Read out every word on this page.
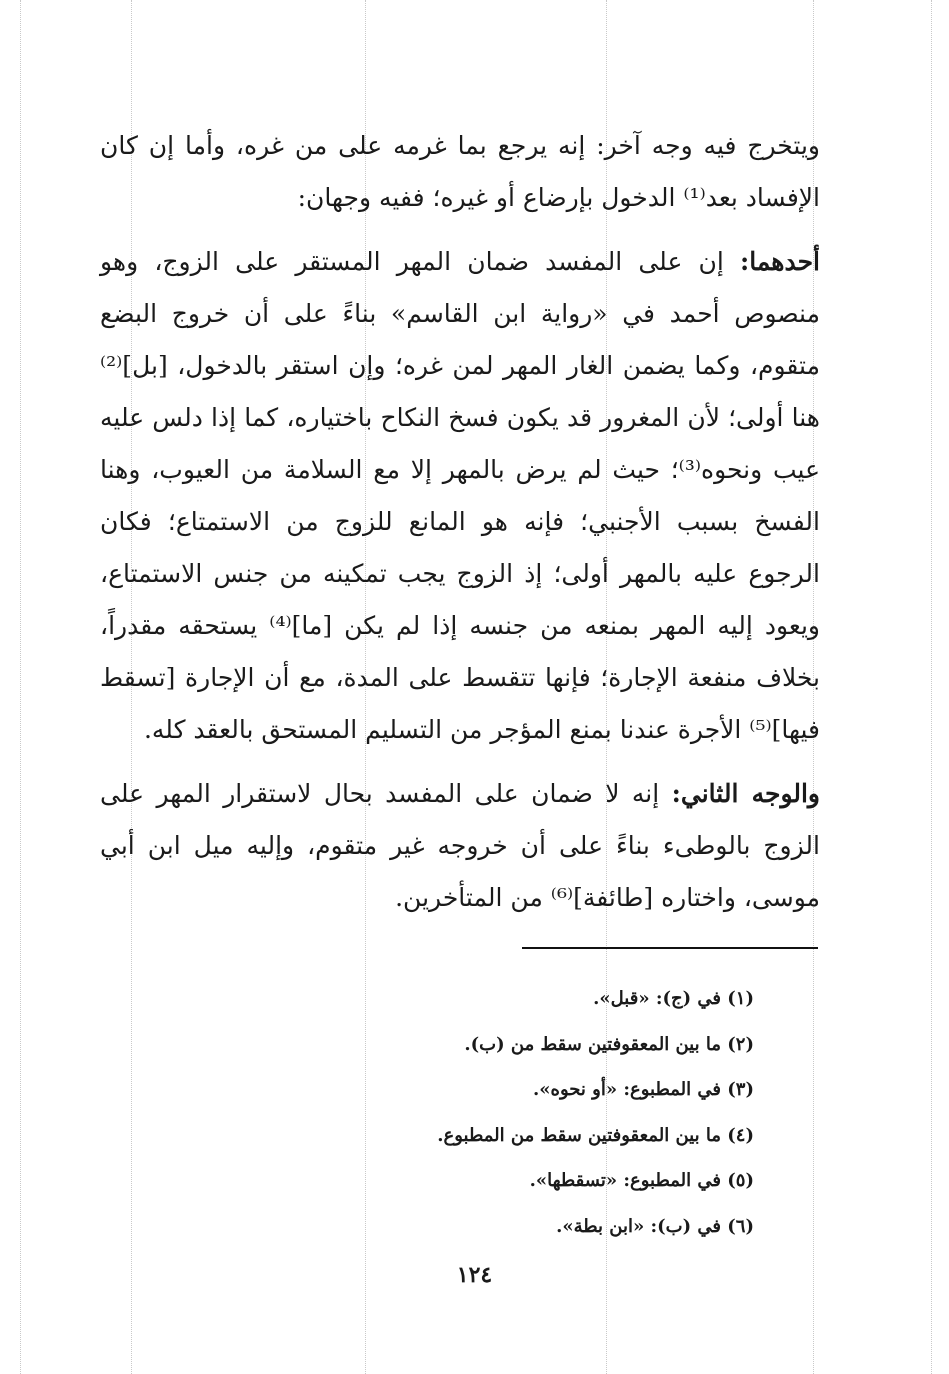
ويتخرج فيه وجه آخر: إنه يرجع بما غرمه على من غره، وأما إن كان الإفساد بعد⁽¹⁾ الدخول بإرضاع أو غيره؛ ففيه وجهان:

أحدهما: إن على المفسد ضمان المهر المستقر على الزوج، وهو منصوص أحمد في «رواية ابن القاسم» بناءً على أن خروج البضع متقوم، وكما يضمن الغار المهر لمن غره؛ وإن استقر بالدخول، [بل]⁽²⁾ هنا أولى؛ لأن المغرور قد يكون فسخ النكاح باختياره، كما إذا دلس عليه عيب ونحوه⁽³⁾؛ حيث لم يرض بالمهر إلا مع السلامة من العيوب، وهنا الفسخ بسبب الأجنبي؛ فإنه هو المانع للزوج من الاستمتاع؛ فكان الرجوع عليه بالمهر أولى؛ إذ الزوج يجب تمكينه من جنس الاستمتاع، ويعود إليه المهر بمنعه من جنسه إذا لم يكن [ما]⁽⁴⁾ يستحقه مقدراً، بخلاف منفعة الإجارة؛ فإنها تتقسط على المدة، مع أن الإجارة [تسقط فيها]⁽⁵⁾ الأجرة عندنا بمنع المؤجر من التسليم المستحق بالعقد كله.

والوجه الثاني: إنه لا ضمان على المفسد بحال لاستقرار المهر على الزوج بالوطىء بناءً على أن خروجه غير متقوم، وإليه ميل ابن أبي موسى، واختاره [طائفة]⁽⁶⁾ من المتأخرين.

(١) في (ج): «قبل».
(٢) ما بين المعقوفتين سقط من (ب).
(٣) في المطبوع: «أو نحوه».
(٤) ما بين المعقوفتين سقط من المطبوع.
(٥) في المطبوع: «تسقطها».
(٦) في (ب): «ابن بطة».
١٢٤
